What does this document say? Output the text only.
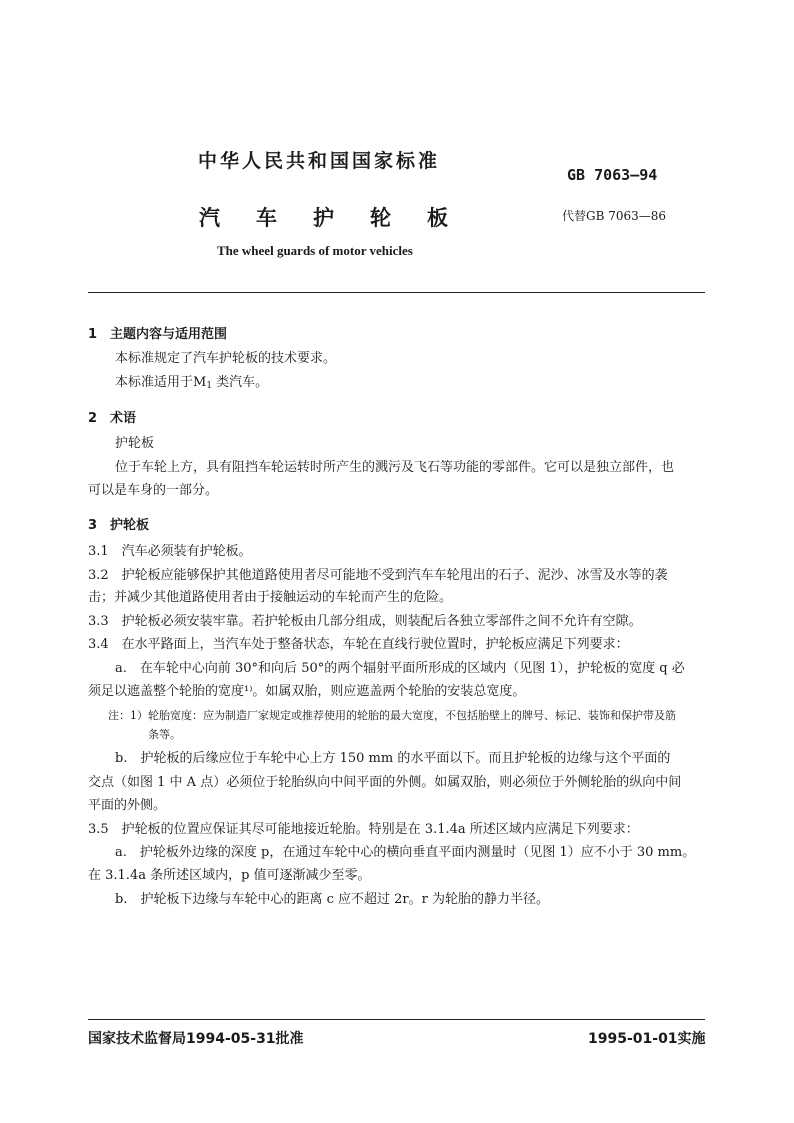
中华人民共和国国家标准
GB 7063—94
汽 车 护 轮 板	代替GB 7063—86
The wheel guards of motor vehicles
1　主题内容与适用范围
本标准规定了汽车护轮板的技术要求。
本标准适用于$M_1$ 类汽车。
2　术语
护轮板
位于车轮上方，具有阻挡车轮运转时所产生的溅污及飞石等功能的零部件。它可以是独立部件，也
可以是车身的一部分。
3　护轮板
3.1　汽车必须装有护轮板。
3.2　护轮板应能够保护其他道路使用者尽可能地不受到汽车车轮甩出的石子、泥沙、冰雪及水等的袭
击；并减少其他道路使用者由于接触运动的车轮而产生的危险。
3.3　护轮板必须安装牢靠。若护轮板由几部分组成，则装配后各独立零部件之间不允许有空隙。
3.4　在水平路面上，当汽车处于整备状态，车轮在直线行驶位置时，护轮板应满足下列要求：
a.　在车轮中心向前 30°和向后 50°的两个辐射平面所形成的区域内（见图 1），护轮板的宽度 q 必
须足以遮盖整个轮胎的宽度¹⁾。如属双胎，则应遮盖两个轮胎的安装总宽度。
注：1）轮胎宽度：应为制造厂家规定或推荐使用的轮胎的最大宽度，不包括胎壁上的牌号、标记、装饰和保护带及筋
条等。
b.　护轮板的后缘应位于车轮中心上方 150 mm 的水平面以下。而且护轮板的边缘与这个平面的
交点（如图 1 中 A 点）必须位于轮胎纵向中间平面的外侧。如属双胎，则必须位于外侧轮胎的纵向中间
平面的外侧。
3.5　护轮板的位置应保证其尽可能地接近轮胎。特别是在 3.1.4a 所述区域内应满足下列要求：
a.　护轮板外边缘的深度 p，在通过车轮中心的横向垂直平面内测量时（见图 1）应不小于 30 mm。
在 3.1.4a 条所述区域内，p 值可逐渐减少至零。
b.　护轮板下边缘与车轮中心的距离 c 应不超过 2r。r 为轮胎的静力半径。
国家技术监督局1994-05-31批准	1995-01-01实施
